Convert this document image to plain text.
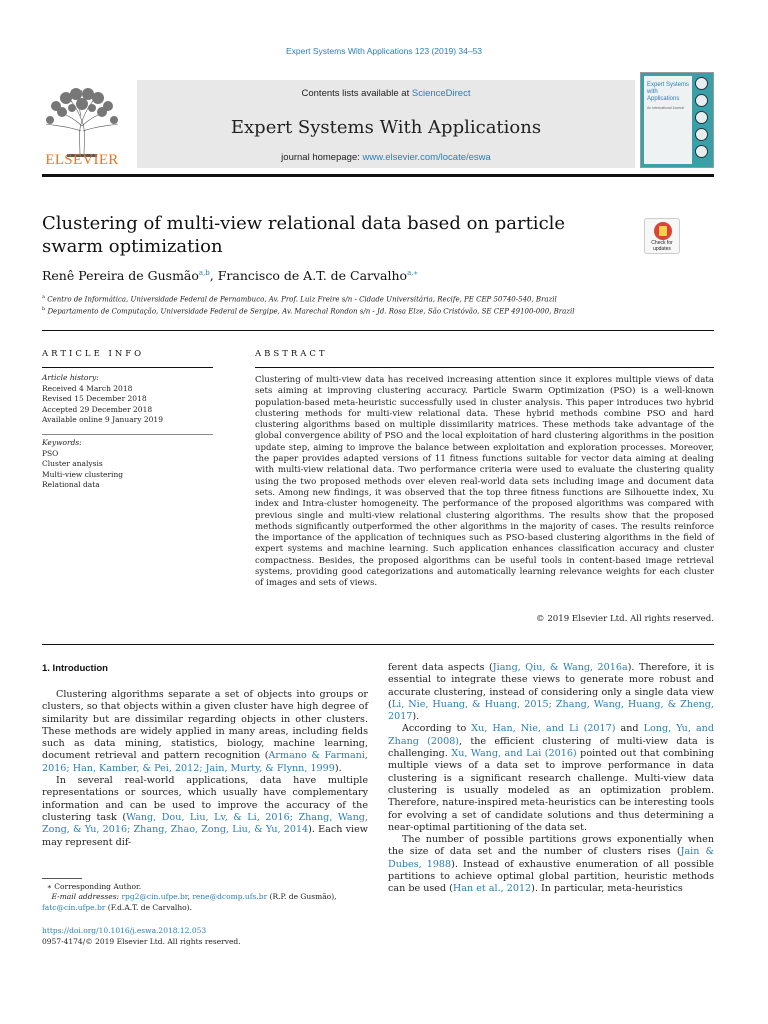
Expert Systems With Applications 123 (2019) 34–53
ELSEVIER
Contents lists available at ScienceDirect
Expert Systems With Applications
journal homepage: www.elsevier.com/locate/eswa
Expert Systems with Applications
An International Journal
Clustering of multi-view relational data based on particle swarm optimization	Check for updates
Renê Pereira de Gusmão$^{a,b}$, Francisco de A.T. de Carvalho$^{a,∗}$
$^a$ Centro de Informática, Universidade Federal de Pernambuco, Av. Prof. Luiz Freire s/n - Cidade Universitária, Recife, PE CEP 50740-540, Brazil
$^b$ Departamento de Computação, Universidade Federal de Sergipe, Av. Marechal Rondon s/n - Jd. Rosa Elze, São Cristóvão, SE CEP 49100-000, Brazil
ARTICLE INFO	ABSTRACT
Article history:
Received 4 March 2018
Revised 15 December 2018
Accepted 29 December 2018
Available online 9 January 2019
Keywords:
PSO
Cluster analysis
Multi-view clustering
Relational data
Clustering of multi-view data has received increasing attention since it explores multiple views of data sets aiming at improving clustering accuracy. Particle Swarm Optimization (PSO) is a well-known population-based meta-heuristic successfully used in cluster analysis. This paper introduces two hybrid clustering methods for multi-view relational data. These hybrid methods combine PSO and hard clustering algorithms based on multiple dissimilarity matrices. These methods take advantage of the global convergence ability of PSO and the local exploitation of hard clustering algorithms in the position update step, aiming to improve the balance between exploitation and exploration processes. Moreover, the paper provides adapted versions of 11 fitness functions suitable for vector data aiming at dealing with multi-view relational data. Two performance criteria were used to evaluate the clustering quality using the two proposed methods over eleven real-world data sets including image and document data sets. Among new findings, it was observed that the top three fitness functions are Silhouette index, Xu index and Intra-cluster homogeneity. The performance of the proposed algorithms was compared with previous single and multi-view relational clustering algorithms. The results show that the proposed methods significantly outperformed the other algorithms in the majority of cases. The results reinforce the importance of the application of techniques such as PSO-based clustering algorithms in the field of expert systems and machine learning. Such application enhances classification accuracy and cluster compactness. Besides, the proposed algorithms can be useful tools in content-based image retrieval systems, providing good categorizations and automatically learning relevance weights for each cluster of images and sets of views.
© 2019 Elsevier Ltd. All rights reserved.
1. Introduction

Clustering algorithms separate a set of objects into groups or clusters, so that objects within a given cluster have high degree of similarity but are dissimilar regarding objects in other clusters. These methods are widely applied in many areas, including fields such as data mining, statistics, biology, machine learning, document retrieval and pattern recognition (Armano & Farmani, 2016; Han, Kamber, & Pei, 2012; Jain, Murty, & Flynn, 1999).

In several real-world applications, data have multiple representations or sources, which usually have complementary information and can be used to improve the accuracy of the clustering task (Wang, Dou, Liu, Lv, & Li, 2016; Zhang, Wang, Zong, & Yu, 2016; Zhang, Zhao, Zong, Liu, & Yu, 2014). Each view may represent dif-

ferent data aspects (Jiang, Qiu, & Wang, 2016a). Therefore, it is essential to integrate these views to generate more robust and accurate clustering, instead of considering only a single data view (Li, Nie, Huang, & Huang, 2015; Zhang, Wang, Huang, & Zheng, 2017).

According to Xu, Han, Nie, and Li (2017) and Long, Yu, and Zhang (2008), the efficient clustering of multi-view data is challenging. Xu, Wang, and Lai (2016) pointed out that combining multiple views of a data set to improve performance in data clustering is a significant research challenge. Multi-view data clustering is usually modeled as an optimization problem. Therefore, nature-inspired meta-heuristics can be interesting tools for evolving a set of candidate solutions and thus determining a near-optimal partitioning of the data set.

The number of possible partitions grows exponentially when the size of data set and the number of clusters rises (Jain & Dubes, 1988). Instead of exhaustive enumeration of all possible partitions to achieve optimal global partition, heuristic methods can be used (Han et al., 2012). In particular, meta-heuristics

∗ Corresponding Author.
E-mail addresses: rpg2@cin.ufpe.br, rene@dcomp.ufs.br (R.P. de Gusmão),
fatc@cin.ufpe.br (F.d.A.T. de Carvalho).
https://doi.org/10.1016/j.eswa.2018.12.053
0957-4174/© 2019 Elsevier Ltd. All rights reserved.
